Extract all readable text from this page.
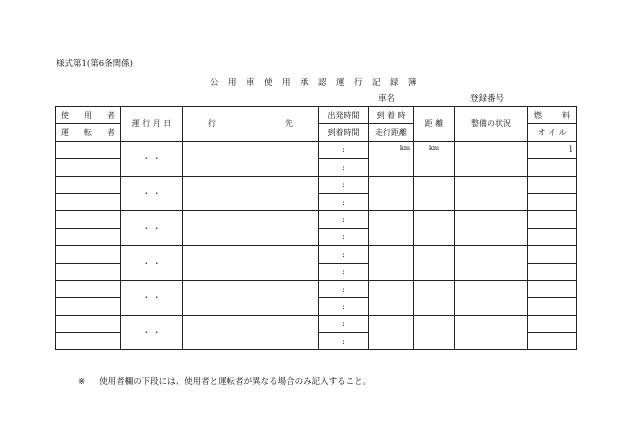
様式第1(第6条関係)
公 用 車 使 用 承 認 運 行 記 録 簿
車名	登録番号
使 用 者	運 行 月 日	行 先	出発時間	到 着 時	距 離	整備の状況	燃 料

運 転 者			到着時間	走行距離			オ イ ル
	・ ・		:	km	km		l

			:				
	・ ・		:				
			:				
	・ ・		:				
			:				
	・ ・		:				
			:				
	・ ・		:				
			:				
	・ ・		:				
			:				
※ 使用者欄の下段には、使用者と運転者が異なる場合のみ記入すること。
